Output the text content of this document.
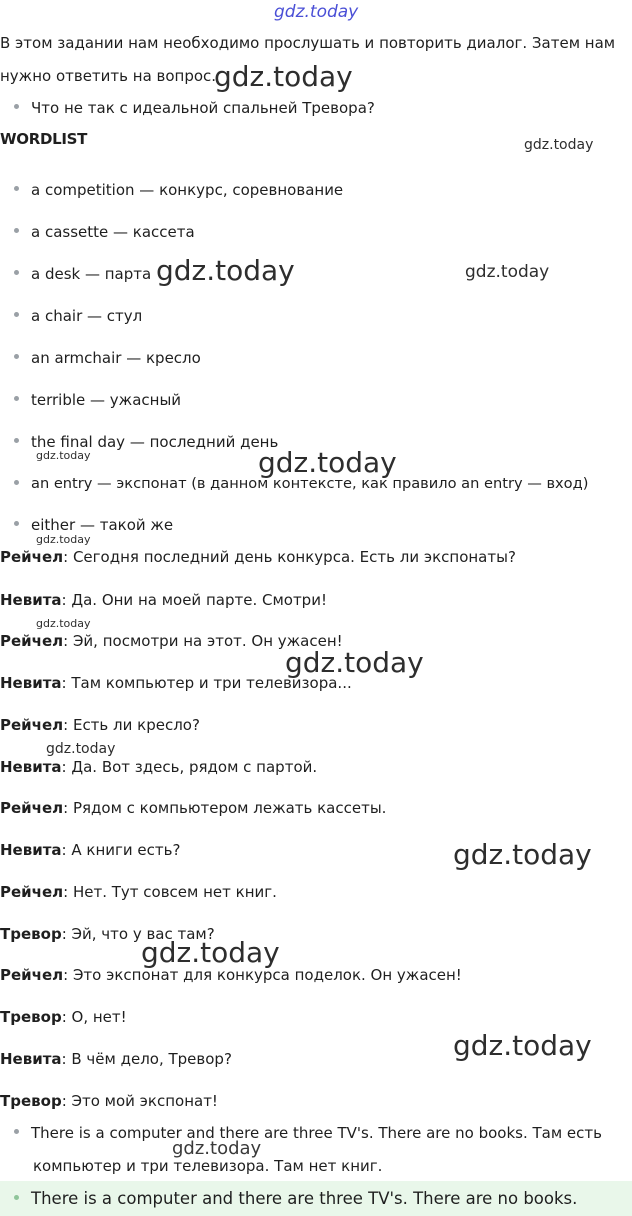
gdz.today
В этом задании нам необходимо прослушать и повторить диалог. Затем нам
нужно ответить на вопрос.
Что не так с идеальной спальней Тревора?
WORDLIST
a competition — конкурс, соревнование
a cassette — кассета
a desk — парта
a chair — стул
an armchair — кресло
terrible — ужасный
the final day — последний день
an entry — экспонат (в данном контексте, как правило an entry — вход)
either — такой же
Рейчел: Сегодня последний день конкурса. Есть ли экспонаты?
Невита: Да. Они на моей парте. Смотри!
Рейчел: Эй, посмотри на этот. Он ужасен!
Невита: Там компьютер и три телевизора...
Рейчел: Есть ли кресло?
Невита: Да. Вот здесь, рядом с партой.
Рейчел: Рядом с компьютером лежать кассеты.
Невита: А книги есть?
Рейчел: Нет. Тут совсем нет книг.
Тревор: Эй, что у вас там?
Рейчел: Это экспонат для конкурса поделок. Он ужасен!
Тревор: О, нет!
Невита: В чём дело, Тревор?
Тревор: Это мой экспонат!
There is a computer and there are three TV's. There are no books. Там есть
компьютер и три телевизора. Там нет книг.
There is a computer and there are three TV's. There are no books.
gdz.today
gdz.today
gdz.today	gdz.today
gdz.today	gdz.today
gdz.today
gdz.today
gdz.today
gdz.today
gdz.today
gdz.today
gdz.today
gdz.today
